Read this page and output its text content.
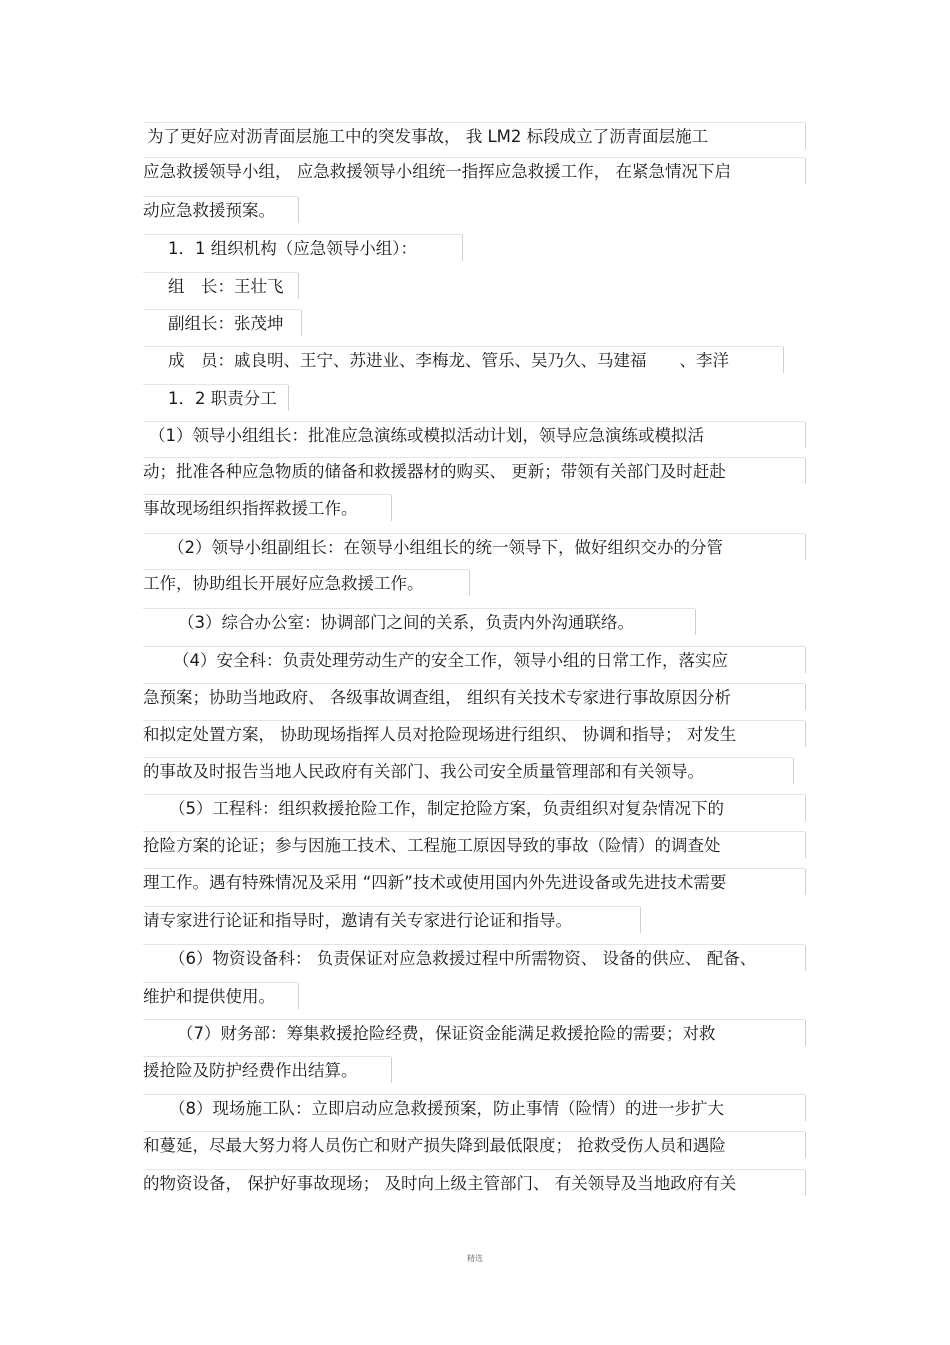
为了更好应对沥青面层施工中的突发事故， 我 LM2 标段成立了沥青面层施工
应急救援领导小组， 应急救援领导小组统一指挥应急救援工作， 在紧急情况下启
动应急救援预案。
1．1 组织机构（应急领导小组）：
组　长：王壮飞
副组长：张茂坤
成　员：戚良明、王宁、苏进业、李梅龙、管乐、吴乃久、马建福　　、李洋
1．2 职责分工
（1）领导小组组长：批准应急演练或模拟活动计划，领导应急演练或模拟活
动；批准各种应急物质的储备和救援器材的购买、 更新；带领有关部门及时赶赴
事故现场组织指挥救援工作。
（2）领导小组副组长：在领导小组组长的统一领导下，做好组织交办的分管
工作，协助组长开展好应急救援工作。
（3）综合办公室：协调部门之间的关系，负责内外沟通联络。
（4）安全科：负责处理劳动生产的安全工作，领导小组的日常工作，落实应
急预案；协助当地政府、 各级事故调查组， 组织有关技术专家进行事故原因分析
和拟定处置方案， 协助现场指挥人员对抢险现场进行组织、 协调和指导； 对发生
的事故及时报告当地人民政府有关部门、我公司安全质量管理部和有关领导。
（5）工程科：组织救援抢险工作，制定抢险方案，负责组织对复杂情况下的
抢险方案的论证；参与因施工技术、工程施工原因导致的事故（险情）的调查处
理工作。遇有特殊情况及采用 “四新”技术或使用国内外先进设备或先进技术需要
请专家进行论证和指导时，邀请有关专家进行论证和指导。
（6）物资设备科： 负责保证对应急救援过程中所需物资、 设备的供应、 配备、
维护和提供使用。
（7）财务部：筹集救援抢险经费，保证资金能满足救援抢险的需要；对救
援抢险及防护经费作出结算。
（8）现场施工队：立即启动应急救援预案，防止事情（险情）的进一步扩大
和蔓延，尽最大努力将人员伤亡和财产损失降到最低限度； 抢救受伤人员和遇险
的物资设备， 保护好事故现场； 及时向上级主管部门、 有关领导及当地政府有关
精选
